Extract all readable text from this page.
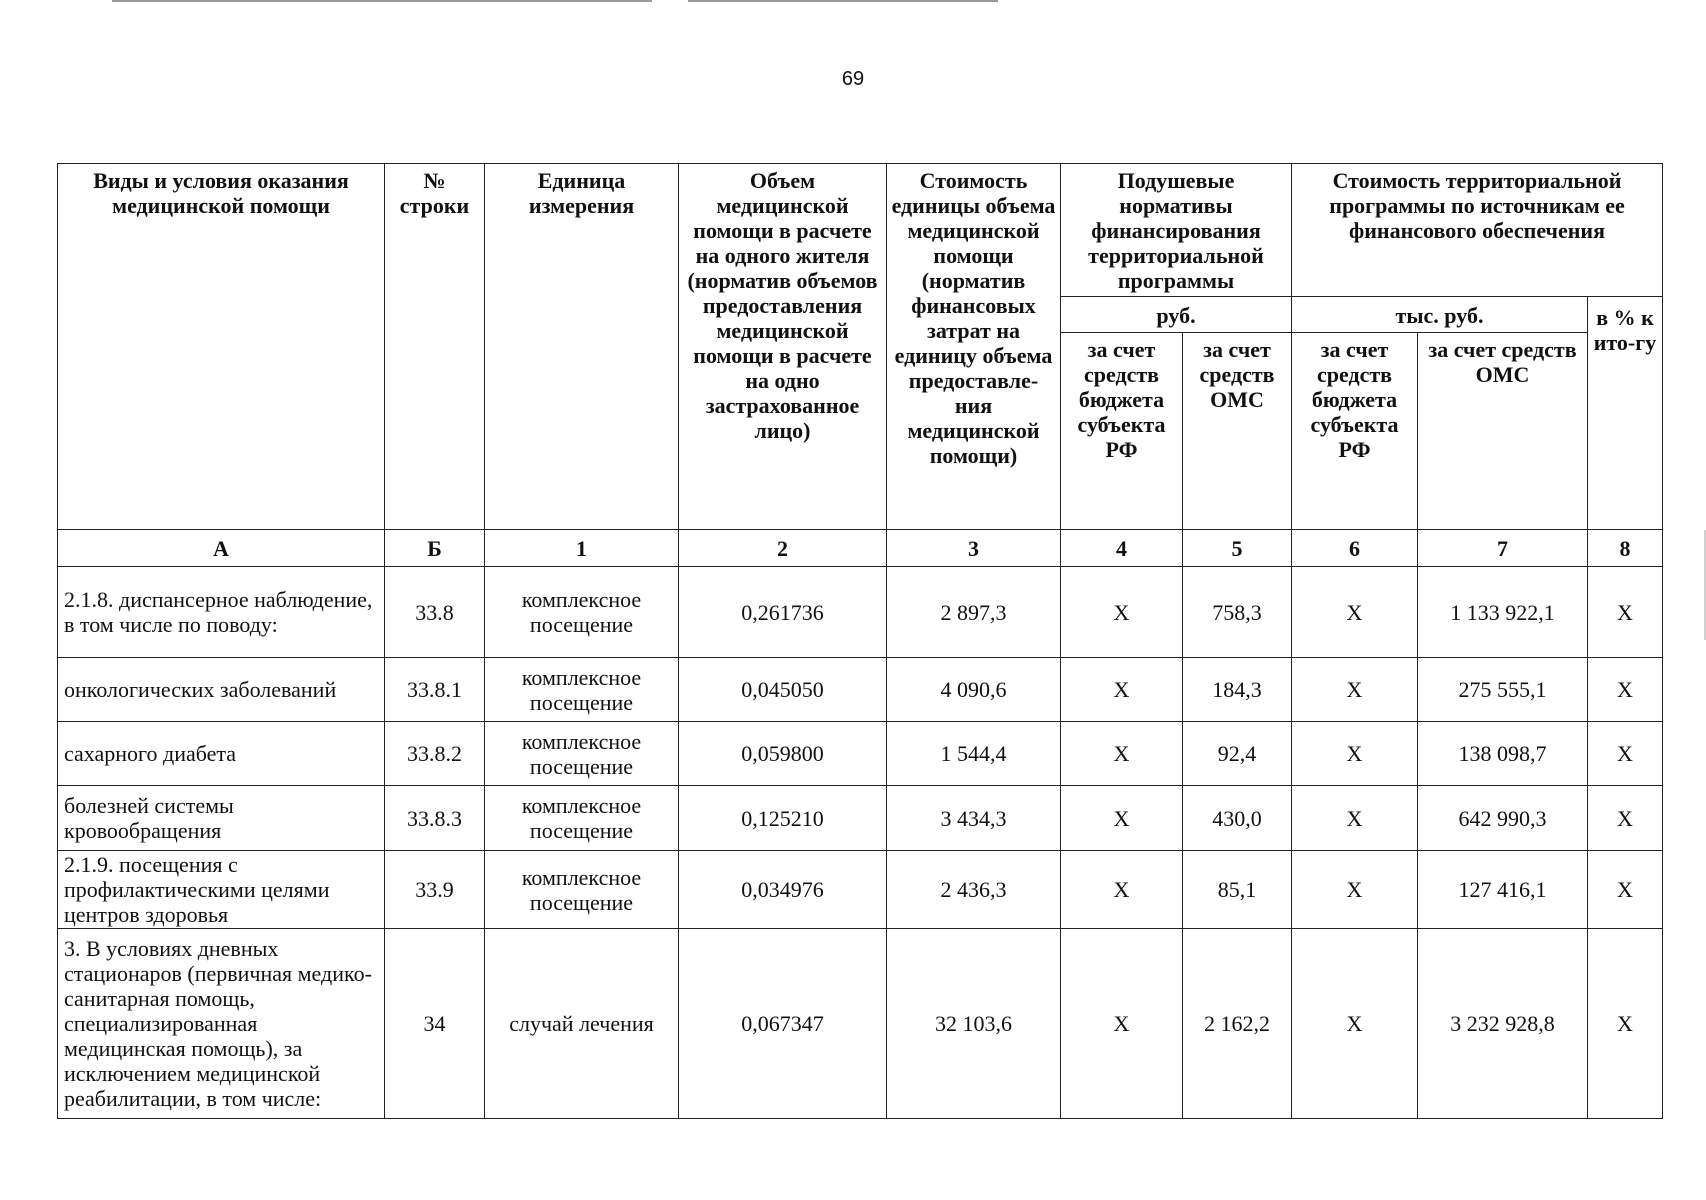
69
Виды и условия оказания медицинской помощи	№ строки	Единица измерения	Объем медицинской помощи в расчете на одного жителя (норматив объемов предоставления медицинской помощи в расчете на одно застрахованное лицо)	Стоимость единицы объема медицинской помощи (норматив финансовых затрат на единицу объема предоставле-ния медицинской помощи)	Подушевые нормативы финансирования территориальной программы		Стоимость территориальной программы по источникам ее финансового обеспечения		
					руб.		тыс. руб.		в % к ито-гу
					за счет средств бюджета субъекта РФ	за счет средств ОМС	за счет средств бюджета субъекта РФ	за счет средств ОМС	
А	Б	1	2	3	4	5	6	7	8
2.1.8. диспансерное наблюдение, в том числе по поводу:	33.8	комплексное посещение	0,261736	2 897,3	Х	758,3	Х	1 133 922,1	Х
онкологических заболеваний	33.8.1	комплексное посещение	0,045050	4 090,6	Х	184,3	Х	275 555,1	Х
сахарного диабета	33.8.2	комплексное посещение	0,059800	1 544,4	Х	92,4	Х	138 098,7	Х
болезней системы кровообращения	33.8.3	комплексное посещение	0,125210	3 434,3	Х	430,0	Х	642 990,3	Х
2.1.9. посещения с профилактическими целями центров здоровья	33.9	комплексное посещение	0,034976	2 436,3	Х	85,1	Х	127 416,1	Х
3. В условиях дневных стационаров (первичная медико-санитарная помощь, специализированная медицинская помощь), за исключением медицинской реабилитации, в том числе:	34	случай лечения	0,067347	32 103,6	Х	2 162,2	Х	3 232 928,8	Х
